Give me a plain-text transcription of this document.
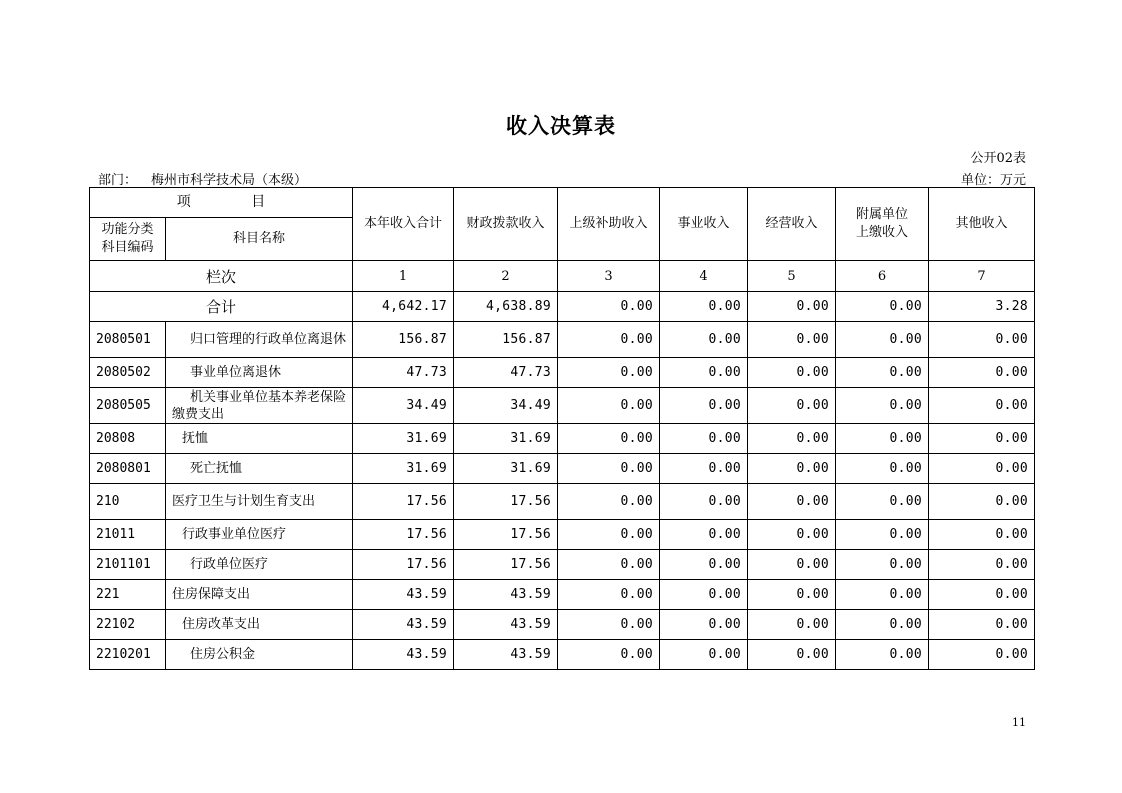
收入决算表
公开02表
部门： 梅州市科学技术局（本级）	单位：万元
项 目		本年收入合计	财政拨款收入	上级补助收入	事业收入	经营收入	附属单位上缴收入	其他收入
功能分类科目编码	科目名称							
栏次		1	2	3	4	5	6	7
合计		4,642.17	4,638.89	0.00	0.00	0.00	0.00	3.28
2080501	归口管理的行政单位离退休	156.87	156.87	0.00	0.00	0.00	0.00	0.00
2080502	事业单位离退休	47.73	47.73	0.00	0.00	0.00	0.00	0.00
2080505	机关事业单位基本养老保险缴费支出	34.49	34.49	0.00	0.00	0.00	0.00	0.00
20808	抚恤	31.69	31.69	0.00	0.00	0.00	0.00	0.00
2080801	死亡抚恤	31.69	31.69	0.00	0.00	0.00	0.00	0.00
210	医疗卫生与计划生育支出	17.56	17.56	0.00	0.00	0.00	0.00	0.00
21011	行政事业单位医疗	17.56	17.56	0.00	0.00	0.00	0.00	0.00
2101101	行政单位医疗	17.56	17.56	0.00	0.00	0.00	0.00	0.00
221	住房保障支出	43.59	43.59	0.00	0.00	0.00	0.00	0.00
22102	住房改革支出	43.59	43.59	0.00	0.00	0.00	0.00	0.00
2210201	住房公积金	43.59	43.59	0.00	0.00	0.00	0.00	0.00
11
